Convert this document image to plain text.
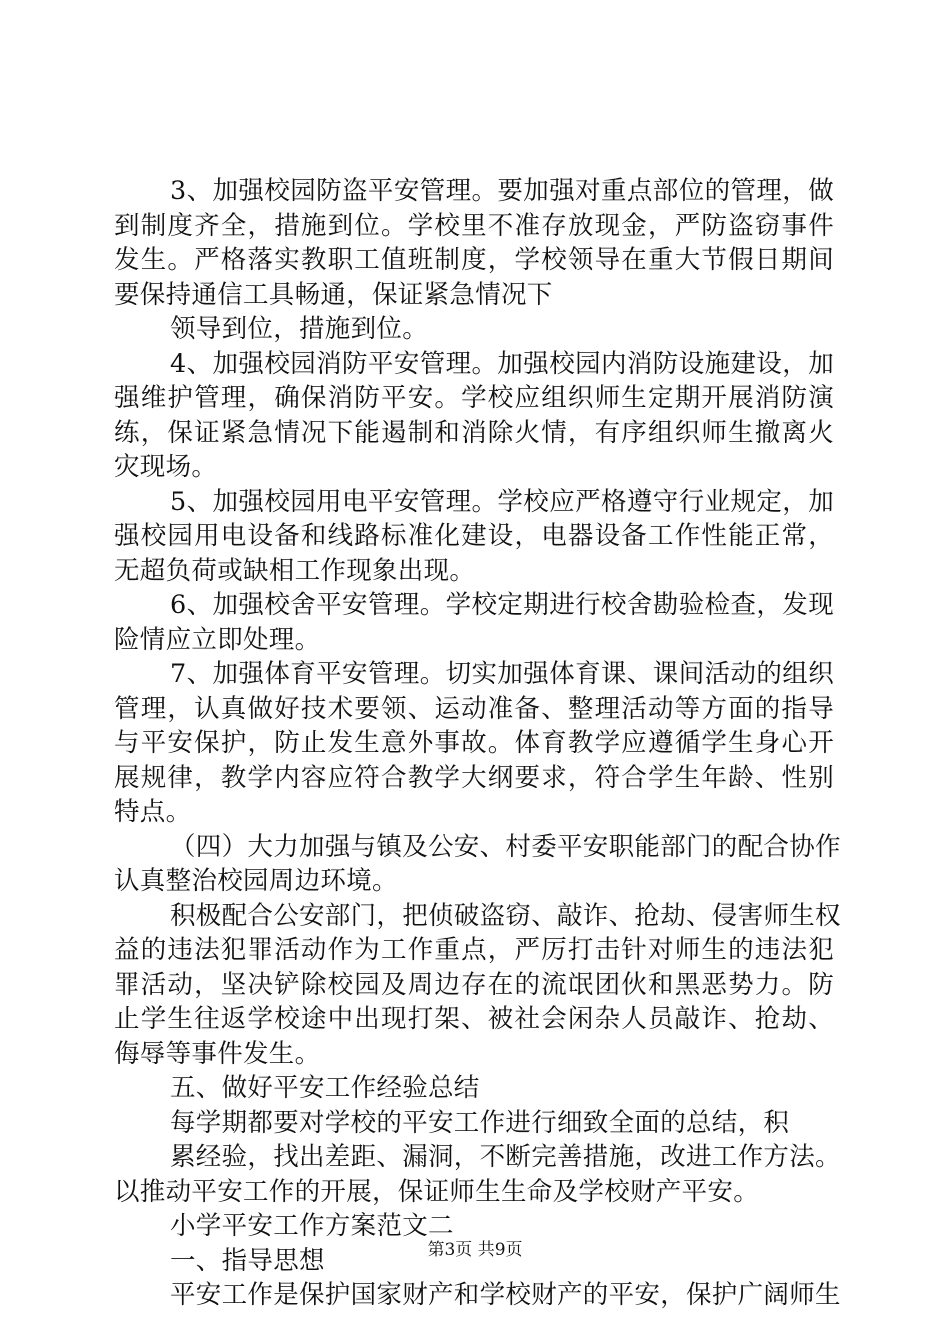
3、加强校园防盗平安管理。要加强对重点部位的管理，做
到制度齐全，措施到位。学校里不准存放现金，严防盗窃事件
发生。严格落实教职工值班制度，学校领导在重大节假日期间
要保持通信工具畅通，保证紧急情况下
领导到位，措施到位。
4、加强校园消防平安管理。加强校园内消防设施建设，加
强维护管理，确保消防平安。学校应组织师生定期开展消防演
练，保证紧急情况下能遏制和消除火情，有序组织师生撤离火
灾现场。
5、加强校园用电平安管理。学校应严格遵守行业规定，加
强校园用电设备和线路标准化建设，电器设备工作性能正常，
无超负荷或缺相工作现象出现。
6、加强校舍平安管理。学校定期进行校舍勘验检查，发现
险情应立即处理。
7、加强体育平安管理。切实加强体育课、课间活动的组织
管理，认真做好技术要领、运动准备、整理活动等方面的指导
与平安保护，防止发生意外事故。体育教学应遵循学生身心开
展规律，教学内容应符合教学大纲要求，符合学生年龄、性别
特点。
（四）大力加强与镇及公安、村委平安职能部门的配合协作
认真整治校园周边环境。
积极配合公安部门，把侦破盗窃、敲诈、抢劫、侵害师生权
益的违法犯罪活动作为工作重点，严厉打击针对师生的违法犯
罪活动，坚决铲除校园及周边存在的流氓团伙和黑恶势力。防
止学生往返学校途中出现打架、被社会闲杂人员敲诈、抢劫、
侮辱等事件发生。
五、做好平安工作经验总结
每学期都要对学校的平安工作进行细致全面的总结，积
累经验，找出差距、漏洞，不断完善措施，改进工作方法。
以推动平安工作的开展，保证师生生命及学校财产平安。
小学平安工作方案范文二
一、指导思想
平安工作是保护国家财产和学校财产的平安，保护广阔师生
第3页 共9页
